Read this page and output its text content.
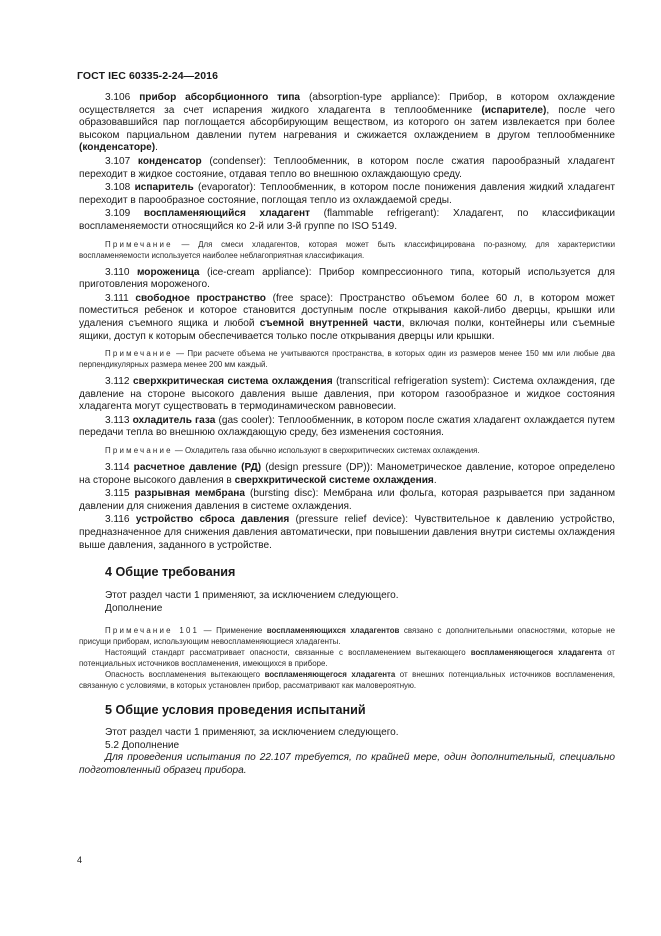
ГОСТ IEC 60335-2-24—2016

3.106 прибор абсорбционного типа (absorption-type appliance): Прибор, в котором охлаждение осуществляется за счет испарения жидкого хладагента в теплообменнике (испарителе), после чего образовавшийся пар поглощается абсорбирующим веществом, из которого он затем извлекается при более высоком парциальном давлении путем нагревания и сжижается охлаждением в другом теплообменнике (конденсаторе).

3.107 конденсатор (condenser): Теплообменник, в котором после сжатия парообразный хладагент переходит в жидкое состояние, отдавая тепло во внешнюю охлаждающую среду.

3.108 испаритель (evaporator): Теплообменник, в котором после понижения давления жидкий хладагент переходит в парообразное состояние, поглощая тепло из охлаждаемой среды.

3.109 воспламеняющийся хладагент (flammable refrigerant): Хладагент, по классификации воспламеняемости относящийся ко 2-й или 3-й группе по ISO 5149.

Примечание — Для смеси хладагентов, которая может быть классифицирована по-разному, для характеристики воспламеняемости используется наиболее неблагоприятная классификация.

3.110 мороженица (ice-cream appliance): Прибор компрессионного типа, который используется для приготовления мороженого.

3.111 свободное пространство (free space): Пространство объемом более 60 л, в котором может поместиться ребенок и которое становится доступным после открывания какой-либо дверцы, крышки или удаления съемного ящика и любой съемной внутренней части, включая полки, контейнеры или съемные ящики, доступ к которым обеспечивается только после открывания дверцы или крышки.

Примечание — При расчете объема не учитываются пространства, в которых один из размеров менее 150 мм или любые два перпендикулярных размера менее 200 мм каждый.

3.112 сверхкритическая система охлаждения (transcritical refrigeration system): Система охлаждения, где давление на стороне высокого давления выше давления, при котором газообразное и жидкое состояния хладагента могут существовать в термодинамическом равновесии.

3.113 охладитель газа (gas cooler): Теплообменник, в котором после сжатия хладагент охлаждается путем передачи тепла во внешнюю охлаждающую среду, без изменения состояния.

Примечание — Охладитель газа обычно используют в сверхкритических системах охлаждения.

3.114 расчетное давление (РД) (design pressure (DP)): Манометрическое давление, которое определено на стороне высокого давления в сверхкритической системе охлаждения.

3.115 разрывная мембрана (bursting disc): Мембрана или фольга, которая разрывается при заданном давлении для снижения давления в системе охлаждения.

3.116 устройство сброса давления (pressure relief device): Чувствительное к давлению устройство, предназначенное для снижения давления автоматически, при повышении давления внутри системы охлаждения выше давления, заданного в устройстве.

4 Общие требования

Этот раздел части 1 применяют, за исключением следующего.

Дополнение

Примечание 101 — Применение воспламеняющихся хладагентов связано с дополнительными опасностями, которые не присущи приборам, использующим невоспламеняющиеся хладагенты.

Настоящий стандарт рассматривает опасности, связанные с воспламенением вытекающего воспламеняющегося хладагента от потенциальных источников воспламенения, имеющихся в приборе.

Опасность воспламенения вытекающего воспламеняющегося хладагента от внешних потенциальных источников воспламенения, связанную с условиями, в которых установлен прибор, рассматривают как маловероятную.

5 Общие условия проведения испытаний

Этот раздел части 1 применяют, за исключением следующего.

5.2 Дополнение

Для проведения испытания по 22.107 требуется, по крайней мере, один дополнительный, специально подготовленный образец прибора.

4
